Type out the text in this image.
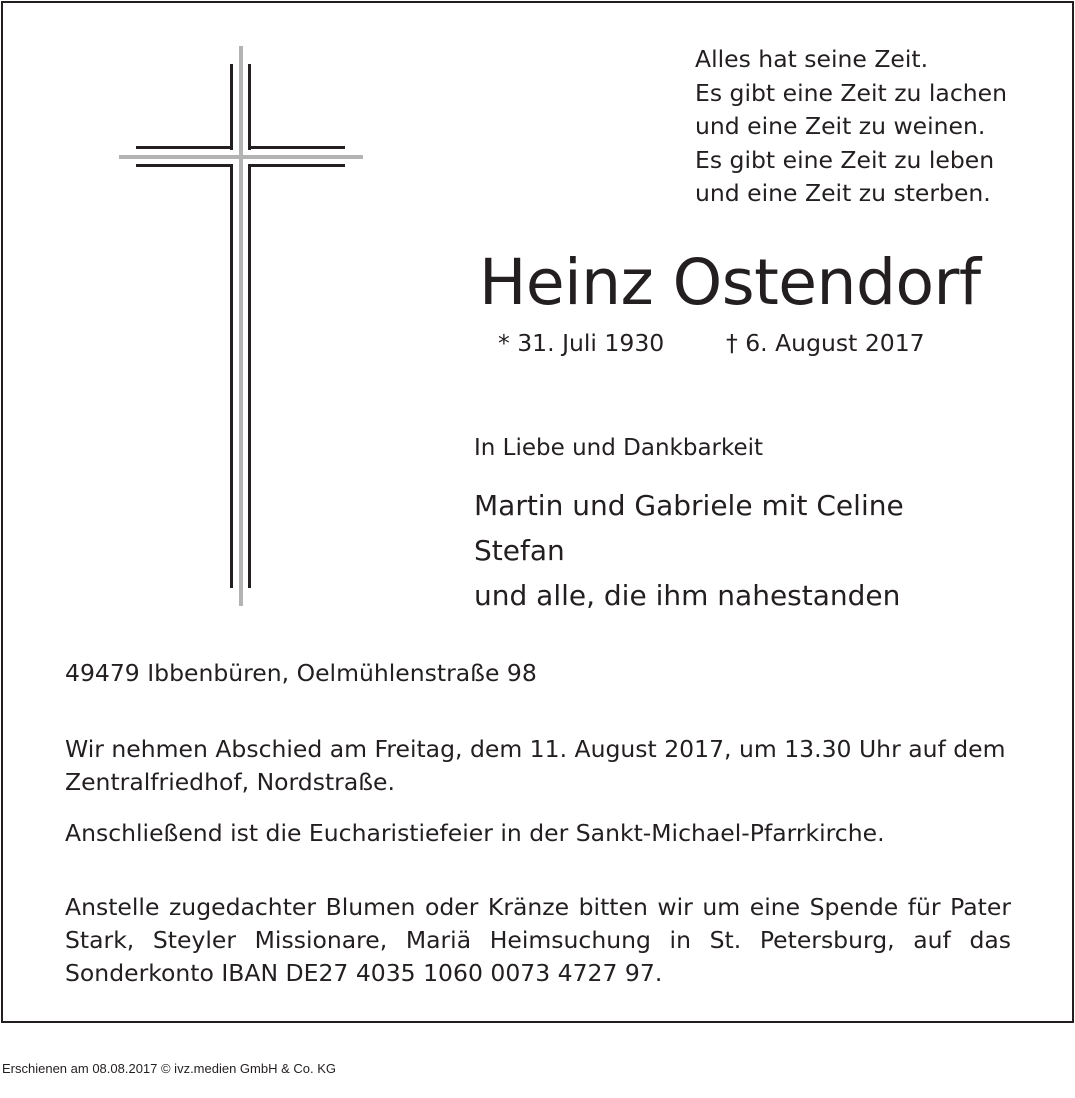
Alles hat seine Zeit.
Es gibt eine Zeit zu lachen
und eine Zeit zu weinen.
Es gibt eine Zeit zu leben
und eine Zeit zu sterben.
Heinz Ostendorf
* 31. Juli 1930	† 6. August 2017
In Liebe und Dankbarkeit
Martin und Gabriele mit Celine
Stefan
und alle, die ihm nahestanden
49479 Ibbenbüren, Oelmühlenstraße 98
Wir nehmen Abschied am Freitag, dem 11. August 2017, um 13.30 Uhr auf dem Zentralfriedhof, Nordstraße.
Anschließend ist die Eucharistiefeier in der Sankt-Michael-Pfarrkirche.
Anstelle zugedachter Blumen oder Kränze bitten wir um eine Spende für Pater Stark, Steyler Missionare, Mariä Heimsuchung in St. Petersburg, auf das Sonderkonto IBAN DE27 4035 1060 0073 4727 97.
Erschienen am 08.08.2017 © ivz.medien GmbH & Co. KG
